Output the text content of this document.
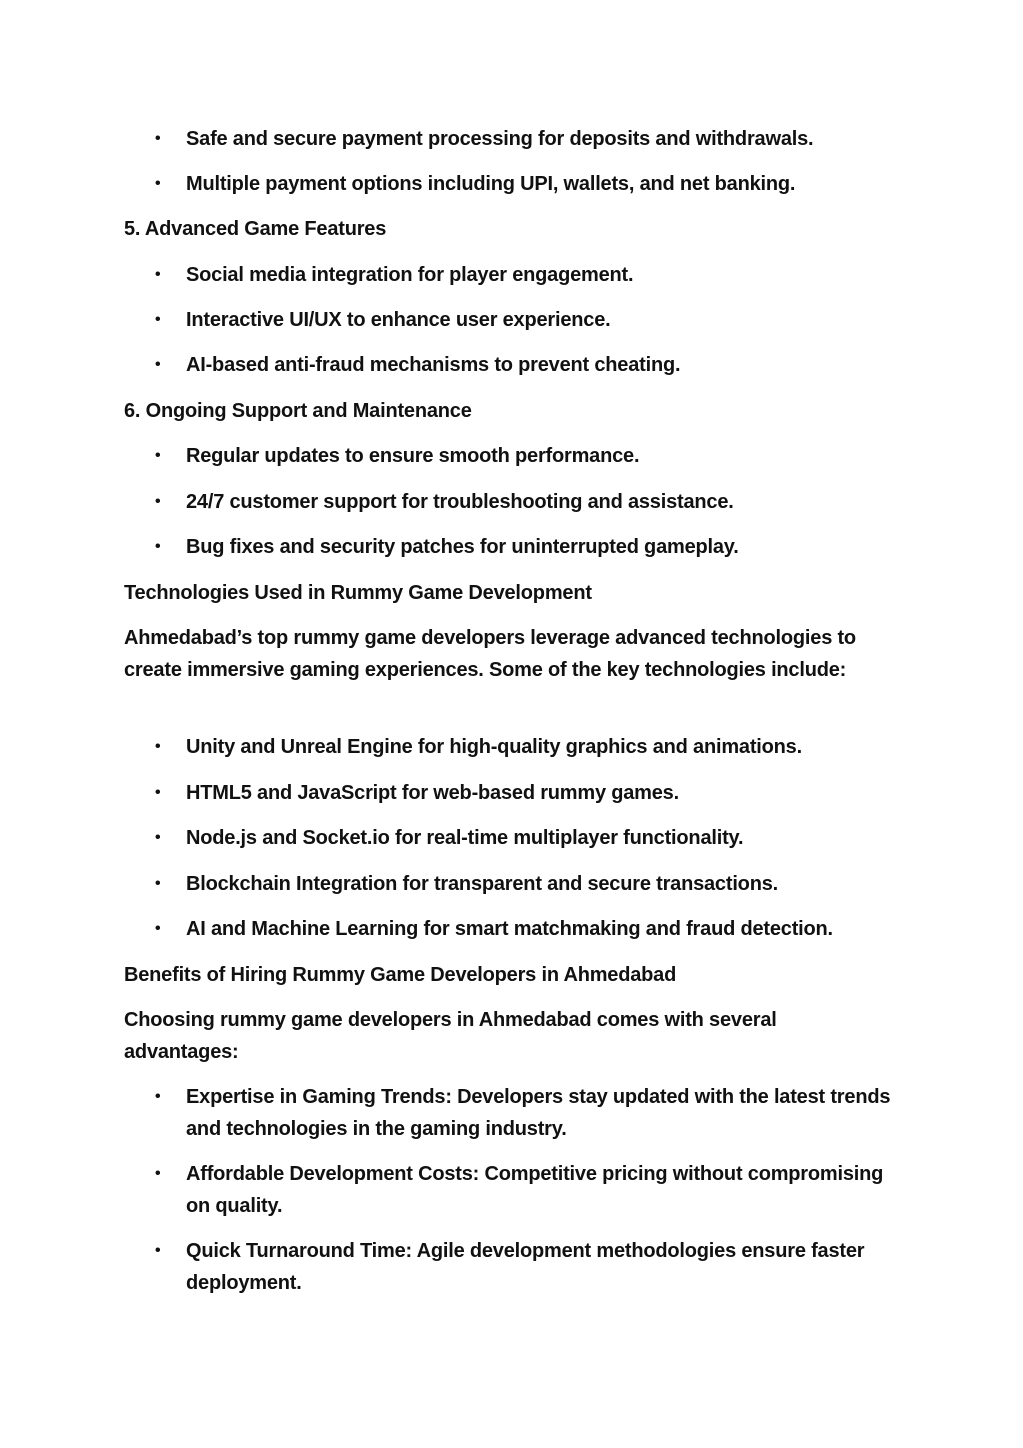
•	Safe and secure payment processing for deposits and withdrawals.
•	Multiple payment options including UPI, wallets, and net banking.
5. Advanced Game Features
•	Social media integration for player engagement.
•	Interactive UI/UX to enhance user experience.
•	AI-based anti-fraud mechanisms to prevent cheating.
6. Ongoing Support and Maintenance
•	Regular updates to ensure smooth performance.
•	24/7 customer support for troubleshooting and assistance.
•	Bug fixes and security patches for uninterrupted gameplay.
Technologies Used in Rummy Game Development
Ahmedabad’s top rummy game developers leverage advanced technologies to create immersive gaming experiences. Some of the key technologies include:
•	Unity and Unreal Engine for high-quality graphics and animations.
•	HTML5 and JavaScript for web-based rummy games.
•	Node.js and Socket.io for real-time multiplayer functionality.
•	Blockchain Integration for transparent and secure transactions.
•	AI and Machine Learning for smart matchmaking and fraud detection.
Benefits of Hiring Rummy Game Developers in Ahmedabad
Choosing rummy game developers in Ahmedabad comes with several advantages:
•	Expertise in Gaming Trends: Developers stay updated with the latest trends and technologies in the gaming industry.
•	Affordable Development Costs: Competitive pricing without compromising on quality.
•	Quick Turnaround Time: Agile development methodologies ensure faster deployment.
